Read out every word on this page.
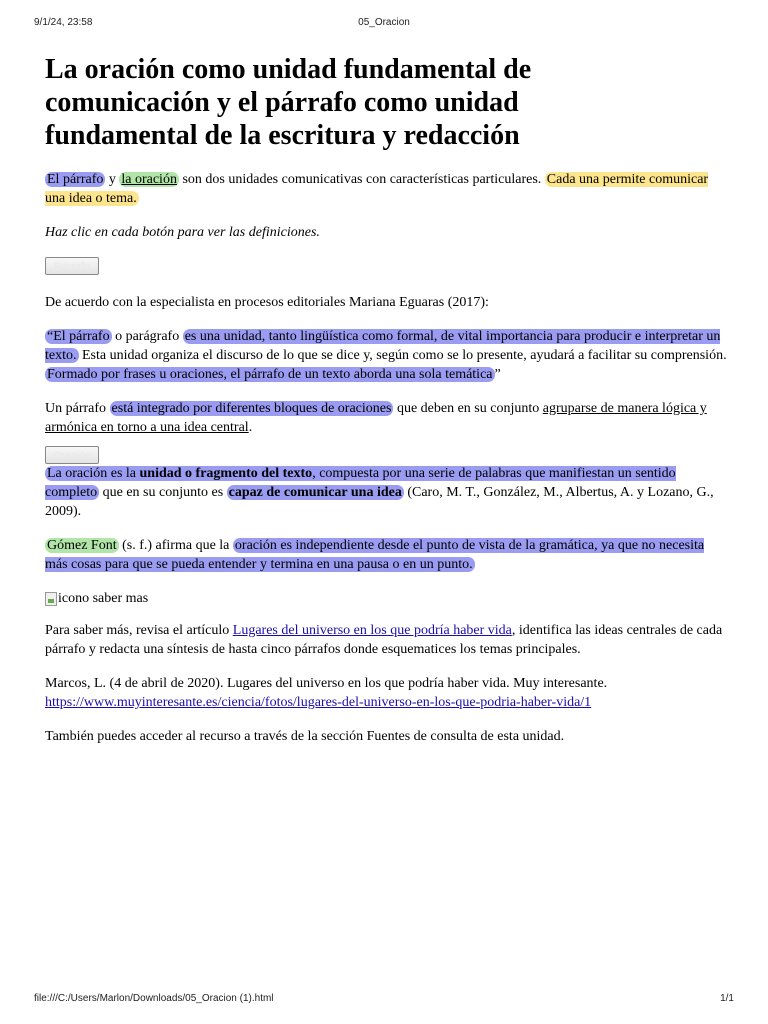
9/1/24, 23:58	05_Oracion
La oración como unidad fundamental de comunicación y el párrafo como unidad fundamental de la escritura y redacción

El párrafo y la oración son dos unidades comunicativas con características particulares. Cada una permite comunicar una idea o tema.

Haz clic en cada botón para ver las definiciones.

Párrafo

De acuerdo con la especialista en procesos editoriales Mariana Eguaras (2017):

“El párrafo o parágrafo es una unidad, tanto lingüística como formal, de vital importancia para producir e interpretar un texto. Esta unidad organiza el discurso de lo que se dice y, según como se lo presente, ayudará a facilitar su comprensión. Formado por frases u oraciones, el párrafo de un texto aborda una sola temática ”

Un párrafo está integrado por diferentes bloques de oraciones que deben en su conjunto agruparse de manera lógica y armónica en torno a una idea central.

Oración

La oración es la unidad o fragmento del texto, compuesta por una serie de palabras que manifiestan un sentido completo que en su conjunto es capaz de comunicar una idea (Caro, M. T., González, M., Albertus, A. y Lozano, G., 2009).

Gómez Font (s. f.) afirma que la oración es independiente desde el punto de vista de la gramática, ya que no necesita más cosas para que se pueda entender y termina en una pausa o en un punto.

icono saber mas

Para saber más, revisa el artículo Lugares del universo en los que podría haber vida, identifica las ideas centrales de cada párrafo y redacta una síntesis de hasta cinco párrafos donde esquematices los temas principales.

Marcos, L. (4 de abril de 2020). Lugares del universo en los que podría haber vida. Muy interesante.
https://www.muyinteresante.es/ciencia/fotos/lugares-del-universo-en-los-que-podria-haber-vida/1

También puedes acceder al recurso a través de la sección Fuentes de consulta de esta unidad.

file:///C:/Users/Marlon/Downloads/05_Oracion (1).html	1/1
